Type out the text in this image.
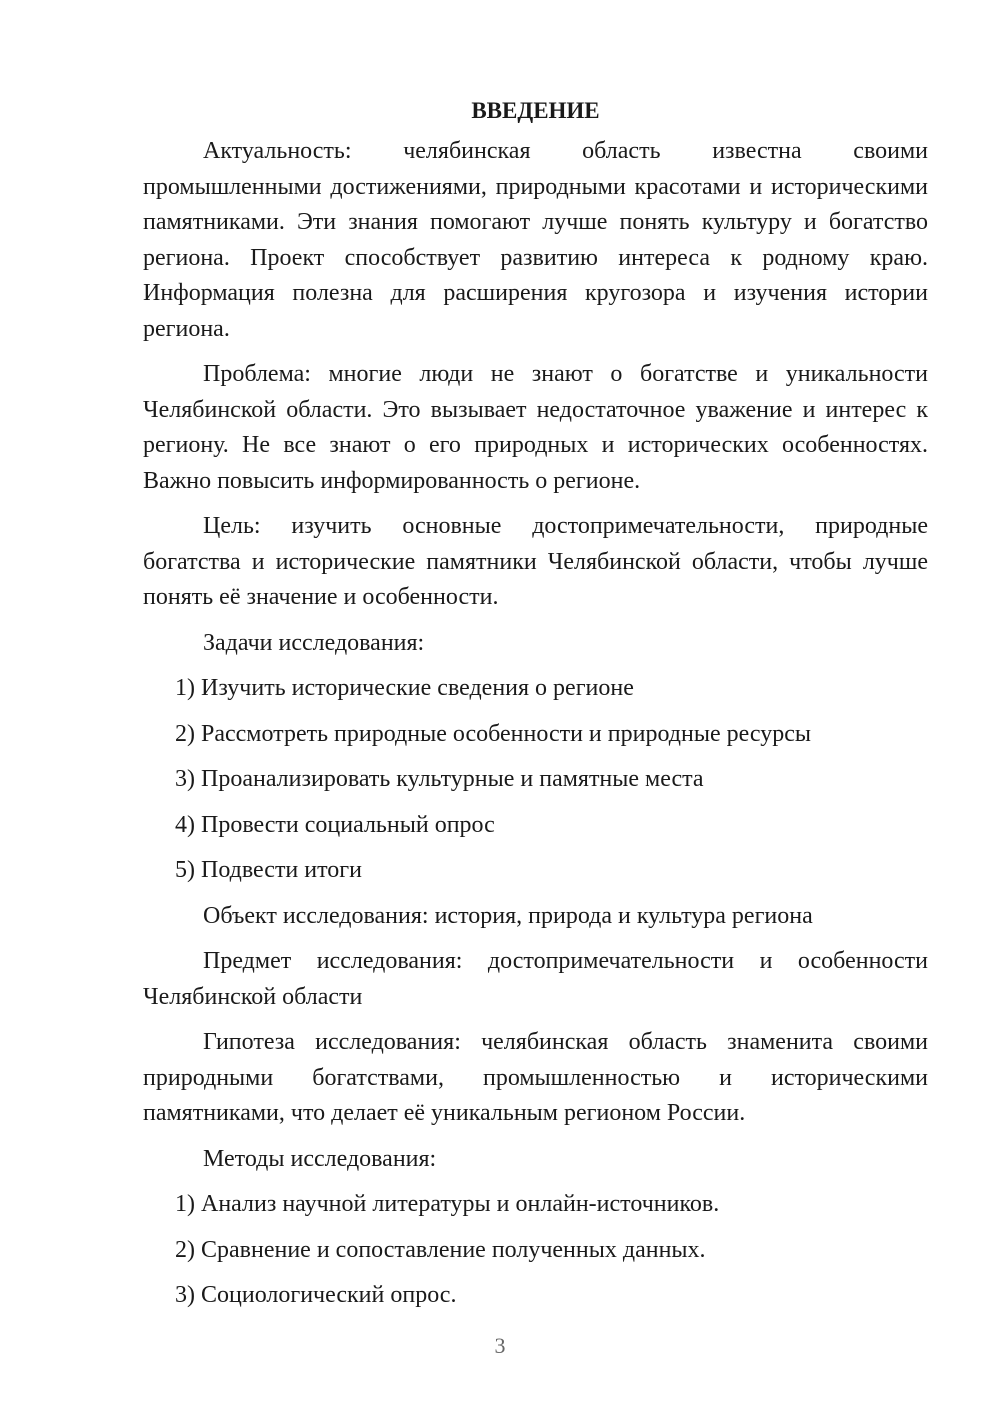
ВВЕДЕНИЕ

Актуальность: челябинская область известна своими промышленными достижениями, природными красотами и историческими памятниками. Эти знания помогают лучше понять культуру и богатство региона. Проект способствует развитию интереса к родному краю. Информация полезна для расширения кругозора и изучения истории региона.

Проблема: многие люди не знают о богатстве и уникальности Челябинской области. Это вызывает недостаточное уважение и интерес к региону. Не все знают о его природных и исторических особенностях. Важно повысить информированность о регионе.

Цель: изучить основные достопримечательности, природные богатства и исторические памятники Челябинской области, чтобы лучше понять её значение и особенности.

Задачи исследования:

1) Изучить исторические сведения о регионе

2) Рассмотреть природные особенности и природные ресурсы

3) Проанализировать культурные и памятные места

4) Провести социальный опрос

5) Подвести итоги

Объект исследования: история, природа и культура региона

Предмет исследования: достопримечательности и особенности Челябинской области

Гипотеза исследования: челябинская область знаменита своими природными богатствами, промышленностью и историческими памятниками, что делает её уникальным регионом России.

Методы исследования:

1) Анализ научной литературы и онлайн-источников.

2) Сравнение и сопоставление полученных данных.

3) Социологический опрос.

3
